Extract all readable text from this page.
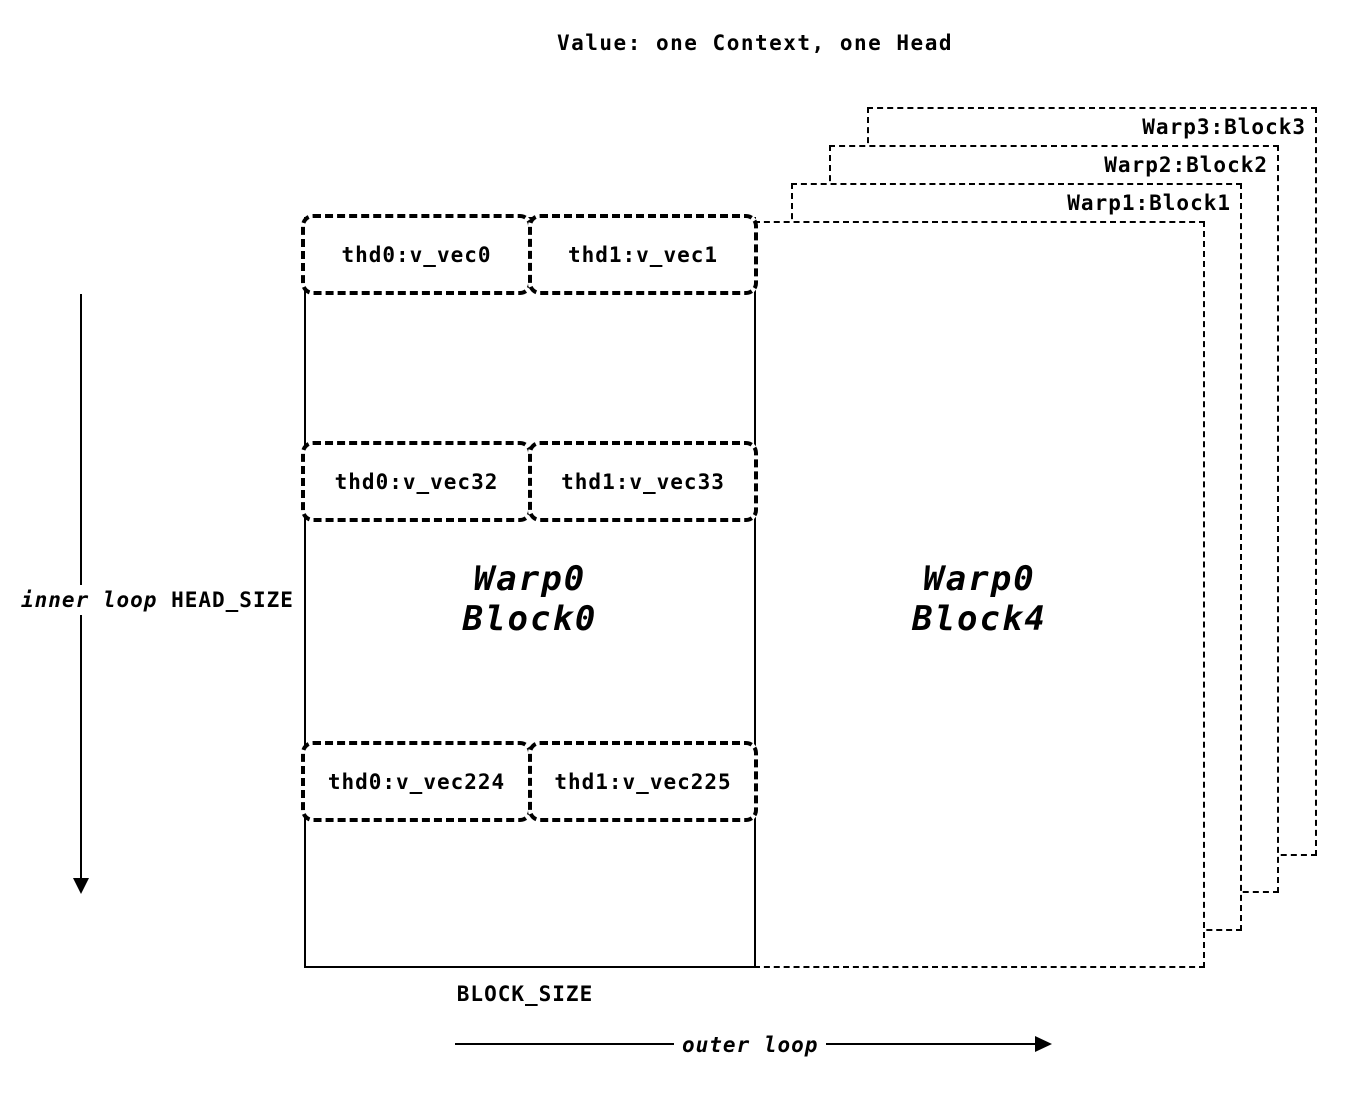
Value: one Context, one Head
Warp3:Block3
Warp2:Block2
Warp1:Block1
Warp0
Block4
Warp0
Block0
thd0:v_vec0	thd1:v_vec1
thd0:v_vec32	thd1:v_vec33
thd0:v_vec224	thd1:v_vec225
inner loop HEAD_SIZE
BLOCK_SIZE
outer loop
